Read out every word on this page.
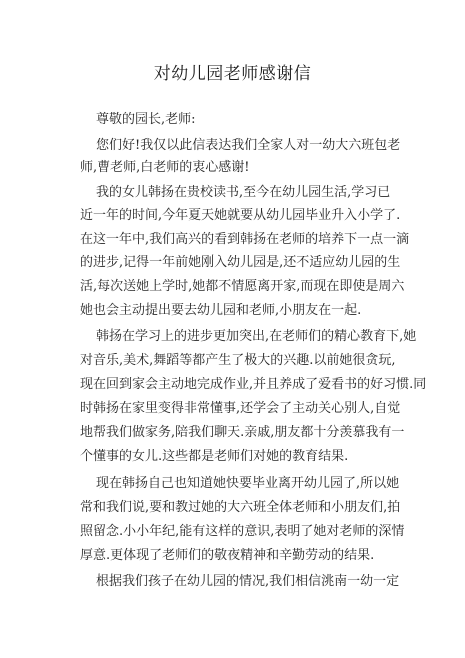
对幼儿园老师感谢信
尊敬的园长,老师:
您们好!我仅以此信表达我们全家人对一幼大六班包老
师,曹老师,白老师的衷心感谢!
我的女儿韩扬在贵校读书,至今在幼儿园生活,学习已
近一年的时间,今年夏天她就要从幼儿园毕业升入小学了.
在这一年中,我们高兴的看到韩扬在老师的培养下一点一滴
的进步,记得一年前她刚入幼儿园是,还不适应幼儿园的生
活,每次送她上学时,她都不情愿离开家,而现在即使是周六
她也会主动提出要去幼儿园和老师,小朋友在一起.
韩扬在学习上的进步更加突出,在老师们的精心教育下,她
对音乐,美术,舞蹈等都产生了极大的兴趣.以前她很贪玩,
现在回到家会主动地完成作业,并且养成了爱看书的好习惯.同
时韩扬在家里变得非常懂事,还学会了主动关心别人,自觉
地帮我们做家务,陪我们聊天.亲戚,朋友都十分羡慕我有一
个懂事的女儿.这些都是老师们对她的教育结果.
现在韩扬自己也知道她快要毕业离开幼儿园了,所以她
常和我们说,要和教过她的大六班全体老师和小朋友们,拍
照留念.小小年纪,能有这样的意识,表明了她对老师的深情
厚意.更体现了老师们的敬夜精神和辛勤劳动的结果.
根据我们孩子在幼儿园的情况,我们相信洮南一幼一定
